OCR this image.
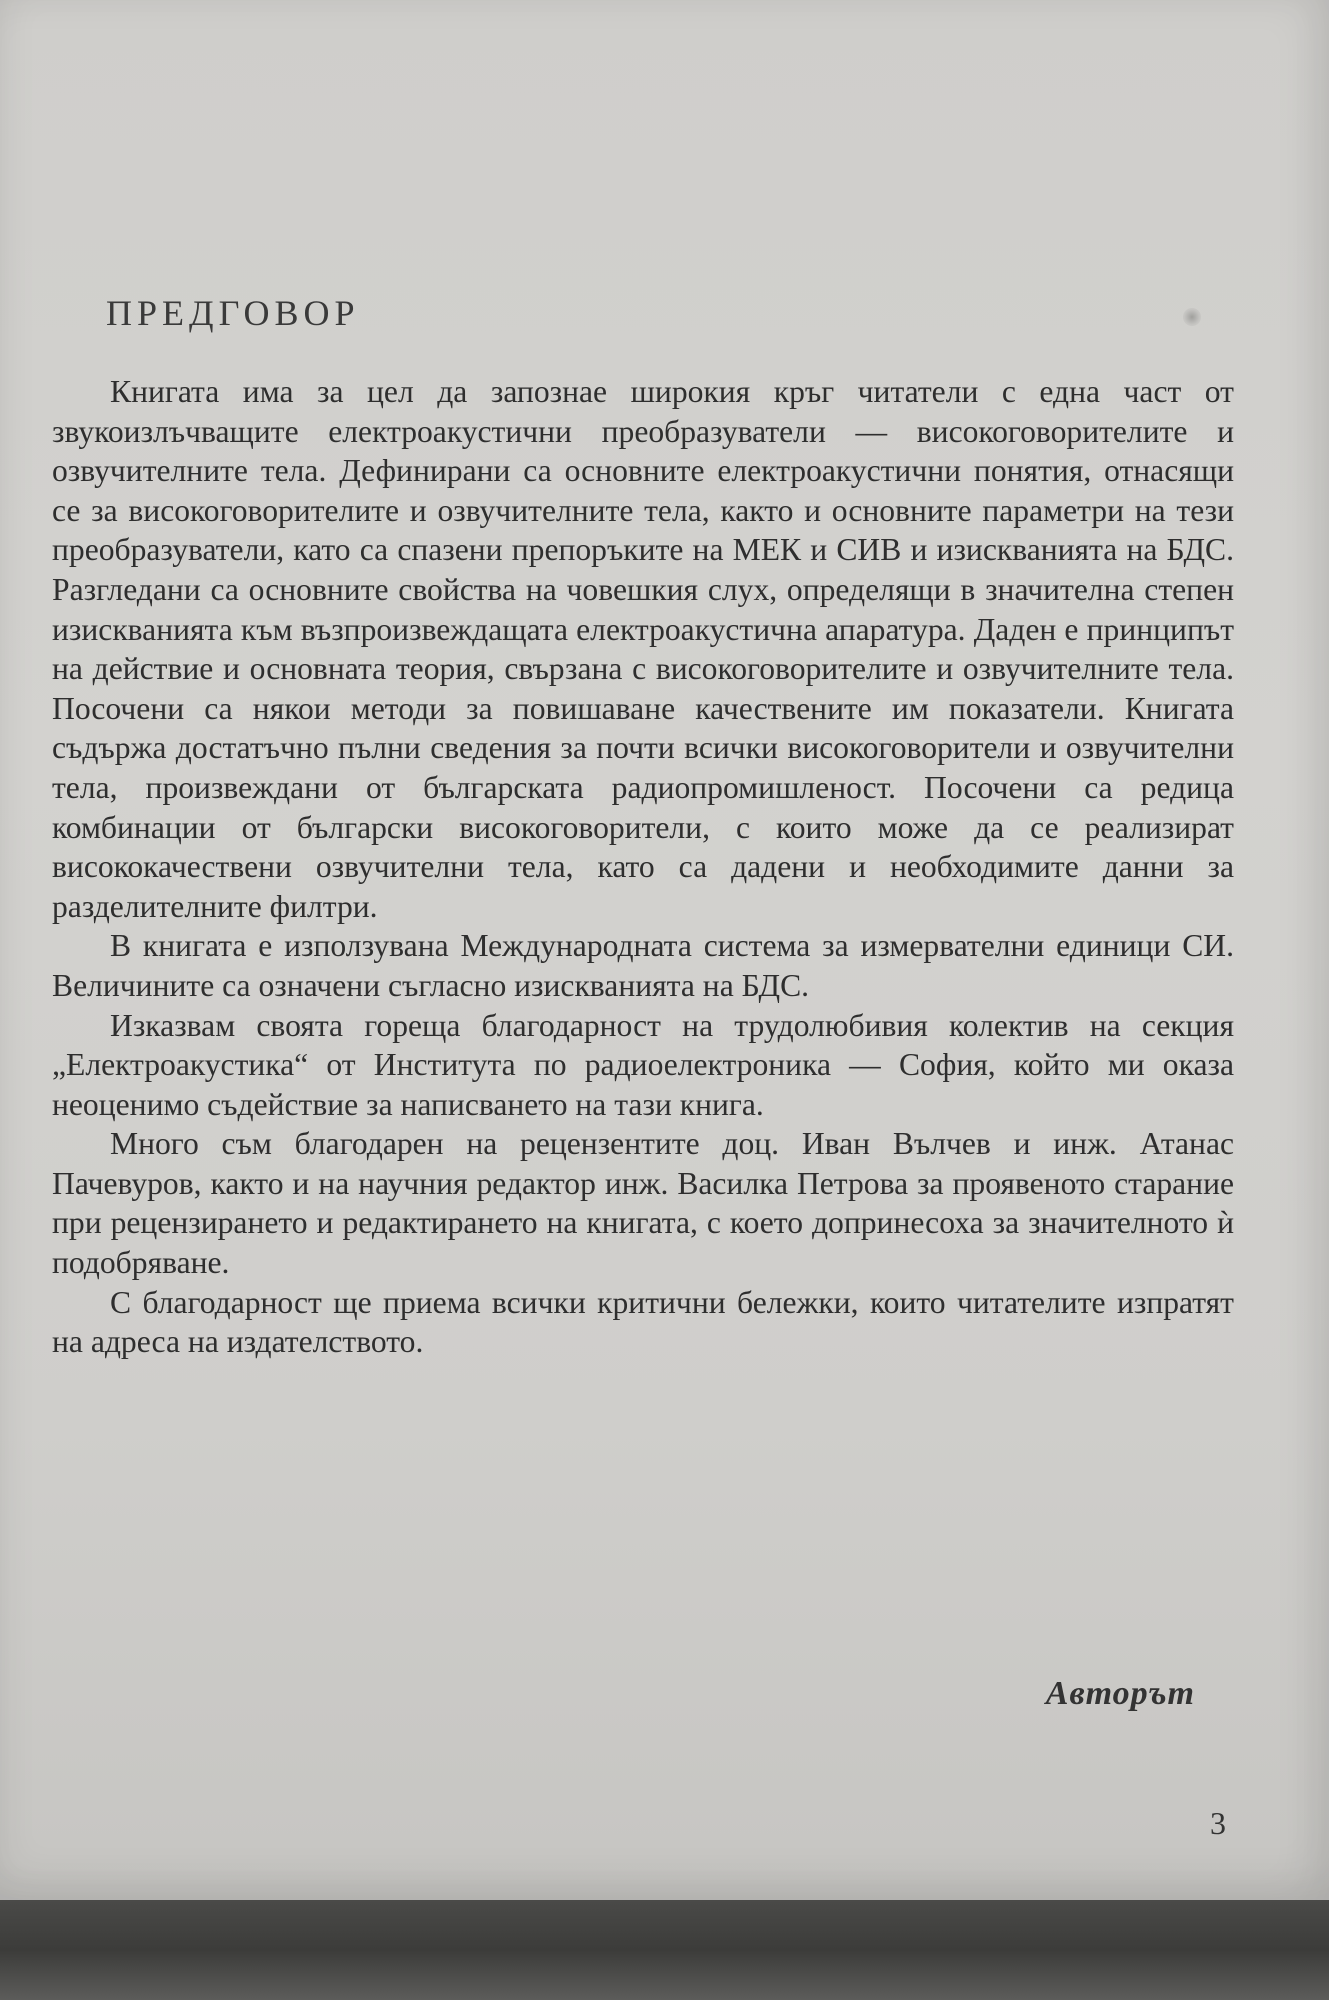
ПРЕДГОВОР

Книгата има за цел да запознае широкия кръг читатели с една част от звукоизлъчващите електроакустични преобразуватели — високоговорителите и озвучителните тела. Дефинирани са основните електроакустични понятия, отнасящи се за високоговорителите и озвучителните тела, както и основните параметри на тези преобразуватели, като са спазени препоръките на МЕК и СИВ и изискванията на БДС. Разгледани са основните свойства на човешкия слух, определящи в значителна степен изискванията към възпроизвеждащата електроакустична апаратура. Даден е принципът на действие и основната теория, свързана с високоговорителите и озвучителните тела. Посочени са някои методи за повишаване качествените им показатели. Книгата съдържа достатъчно пълни сведения за почти всички високоговорители и озвучителни тела, произвеждани от българската радиопромишленост. Посочени са редица комбинации от български високоговорители, с които може да се реализират висококачествени озвучителни тела, като са дадени и необходимите данни за разделителните филтри.

В книгата е използувана Международната система за измервателни единици СИ. Величините са означени съгласно изискванията на БДС.

Изказвам своята гореща благодарност на трудолюбивия колектив на секция „Електроакустика“ от Института по радиоелектроника — София, който ми оказа неоценимо съдействие за написването на тази книга.

Много съм благодарен на рецензентите доц. Иван Вълчев и инж. Атанас Пачевуров, както и на научния редактор инж. Василка Петрова за проявеното старание при рецензирането и редактирането на книгата, с което допринесоха за значителното ѝ подобряване.

С благодарност ще приема всички критични бележки, които читателите изпратят на адреса на издателството.

Авторът
3
